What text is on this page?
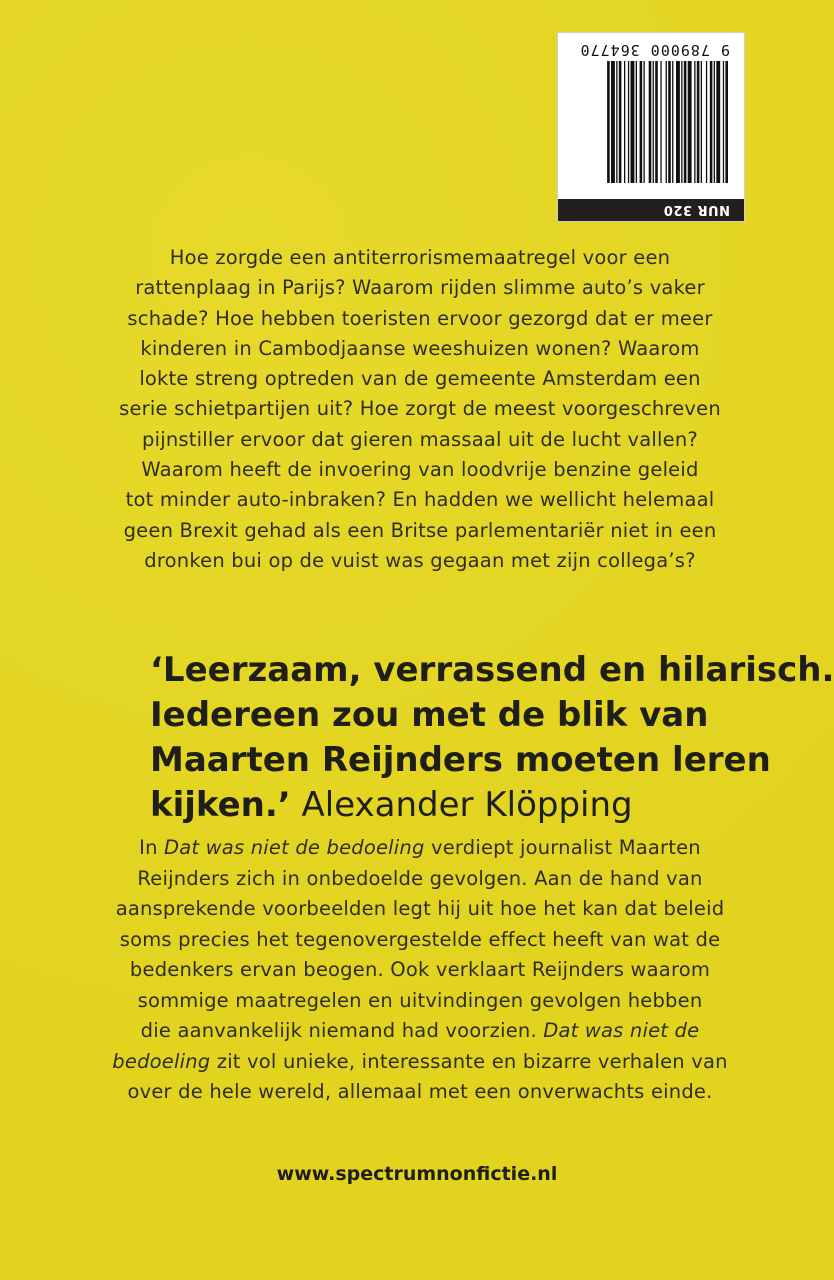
NUR 320
9 789000 364770
Hoe zorgde een antiterrorismemaatregel voor een
rattenplaag in Parijs? Waarom rijden slimme auto’s vaker
schade? Hoe hebben toeristen ervoor gezorgd dat er meer
kinderen in Cambodjaanse weeshuizen wonen? Waarom
lokte streng optreden van de gemeente Amsterdam een
serie schietpartijen uit? Hoe zorgt de meest voorgeschreven
pijnstiller ervoor dat gieren massaal uit de lucht vallen?
Waarom heeft de invoering van loodvrije benzine geleid
tot minder auto-inbraken? En hadden we wellicht helemaal
geen Brexit gehad als een Britse parlementariër niet in een
dronken bui op de vuist was gegaan met zijn collega’s?
‘Leerzaam, verrassend en hilarisch.
Iedereen zou met de blik van
Maarten Reijnders moeten leren
kijken.’ Alexander Klöpping
In Dat was niet de bedoeling verdiept journalist Maarten
Reijnders zich in onbedoelde gevolgen. Aan de hand van
aansprekende voorbeelden legt hij uit hoe het kan dat beleid
soms precies het tegenovergestelde effect heeft van wat de
bedenkers ervan beogen. Ook verklaart Reijnders waarom
sommige maatregelen en uitvindingen gevolgen hebben
die aanvankelijk niemand had voorzien. Dat was niet de
bedoeling zit vol unieke, interessante en bizarre verhalen van
over de hele wereld, allemaal met een onverwachts einde.
www.spectrumnonfictie.nl
